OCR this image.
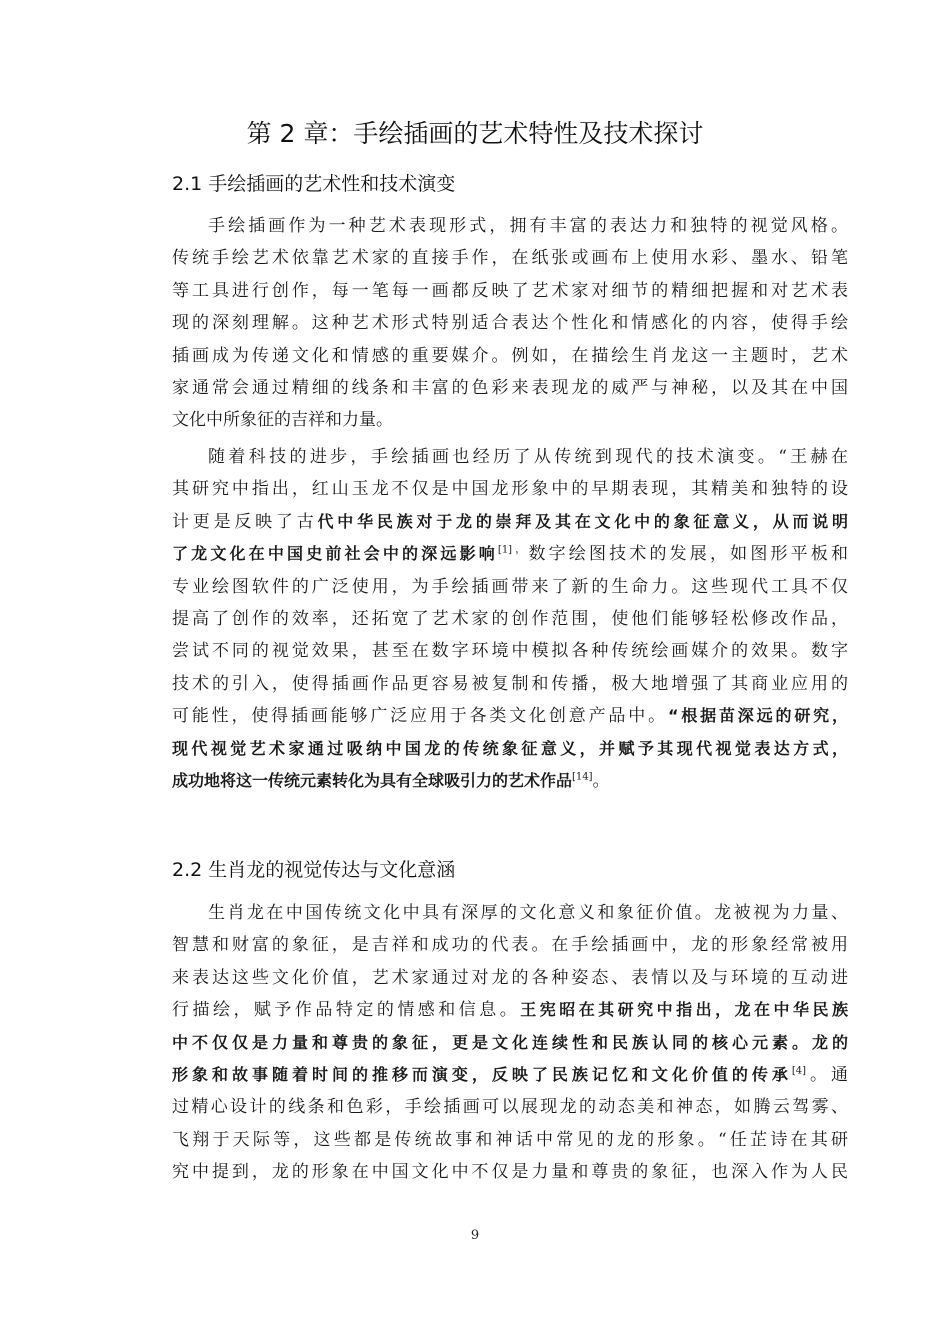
第 2 章：手绘插画的艺术特性及技术探讨
2.1 手绘插画的艺术性和技术演变
手绘插画作为一种艺术表现形式，拥有丰富的表达力和独特的视觉风格。
传统手绘艺术依靠艺术家的直接手作，在纸张或画布上使用水彩、墨水、铅笔
等工具进行创作，每一笔每一画都反映了艺术家对细节的精细把握和对艺术表
现的深刻理解。这种艺术形式特别适合表达个性化和情感化的内容，使得手绘
插画成为传递文化和情感的重要媒介。例如，在描绘生肖龙这一主题时，艺术
家通常会通过精细的线条和丰富的色彩来表现龙的威严与神秘，以及其在中国
文化中所象征的吉祥和力量。
随着科技的进步，手绘插画也经历了从传统到现代的技术演变。“王赫在
其研究中指出，红山玉龙不仅是中国龙形象中的早期表现，其精美和独特的设
计更是反映了古代中华民族对于龙的崇拜及其在文化中的象征意义，从而说明
了龙文化在中国史前社会中的深远影响$^{[1],}$数字绘图技术的发展，如图形平板和
专业绘图软件的广泛使用，为手绘插画带来了新的生命力。这些现代工具不仅
提高了创作的效率，还拓宽了艺术家的创作范围，使他们能够轻松修改作品，
尝试不同的视觉效果，甚至在数字环境中模拟各种传统绘画媒介的效果。数字
技术的引入，使得插画作品更容易被复制和传播，极大地增强了其商业应用的
可能性，使得插画能够广泛应用于各类文化创意产品中。“根据苗深远的研究，
现代视觉艺术家通过吸纳中国龙的传统象征意义，并赋予其现代视觉表达方式，
成功地将这一传统元素转化为具有全球吸引力的艺术作品[14]。
2.2 生肖龙的视觉传达与文化意涵
生肖龙在中国传统文化中具有深厚的文化意义和象征价值。龙被视为力量、
智慧和财富的象征，是吉祥和成功的代表。在手绘插画中，龙的形象经常被用
来表达这些文化价值，艺术家通过对龙的各种姿态、表情以及与环境的互动进
行描绘，赋予作品特定的情感和信息。王宪昭在其研究中指出，龙在中华民族
中不仅仅是力量和尊贵的象征，更是文化连续性和民族认同的核心元素。龙的
形象和故事随着时间的推移而演变，反映了民族记忆和文化价值的传承[4]。通
过精心设计的线条和色彩，手绘插画可以展现龙的动态美和神态，如腾云驾雾、
飞翔于天际等，这些都是传统故事和神话中常见的龙的形象。“任芷诗在其研
究中提到，龙的形象在中国文化中不仅是力量和尊贵的象征，也深入作为人民
9
